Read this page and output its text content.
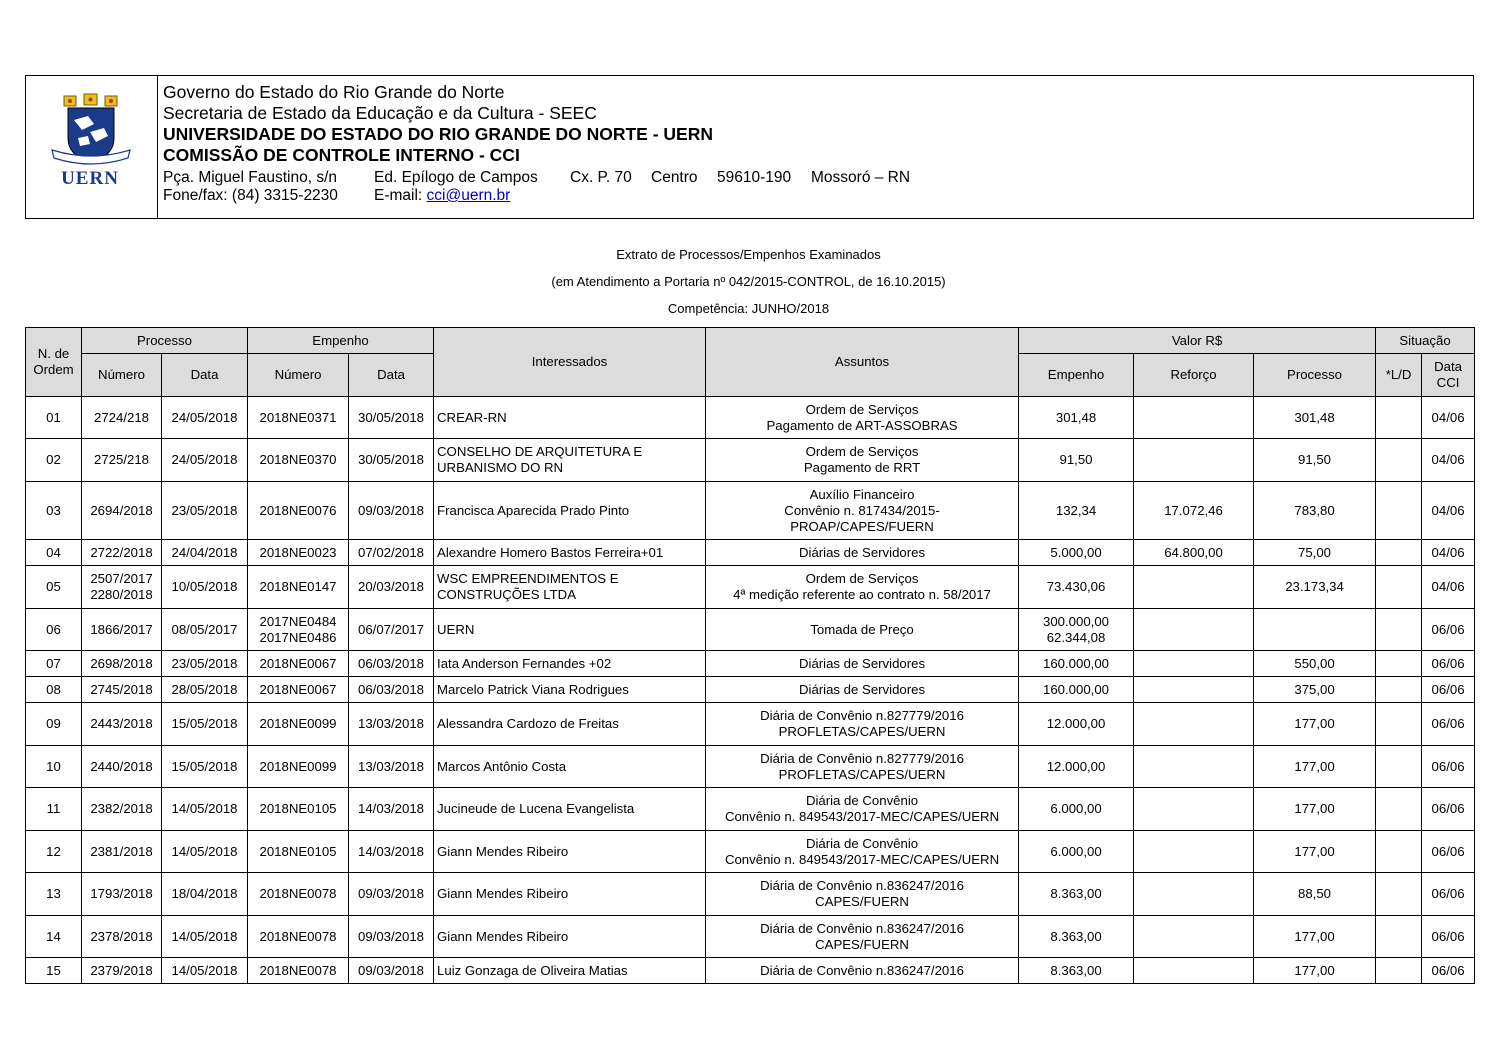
UERN
Governo do Estado do Rio Grande do Norte
Secretaria de Estado da Educação e da Cultura - SEEC
UNIVERSIDADE DO ESTADO DO RIO GRANDE DO NORTE - UERN
COMISSÃO DE CONTROLE INTERNO - CCI
Pça. Miguel Faustino, s/n Ed. Epílogo de Campos Cx. P. 70 Centro 59610-190 Mossoró – RN
Fone/fax: (84) 3315-2230 E-mail: cci@uern.br
Extrato de Processos/Empenhos Examinados
(em Atendimento a Portaria nº 042/2015-CONTROL, de 16.10.2015)
Competência: JUNHO/2018
N. de Ordem	Processo		Empenho		Interessados	Assuntos	Valor R$			Situação	
	Número	Data	Número	Data			Empenho	Reforço	Processo	*L/D	Data CCI
01	2724/218	24/05/2018	2018NE0371	30/05/2018	CREAR-RN	Ordem de Serviços
Pagamento de ART-ASSOBRAS	301,48		301,48		04/06
02	2725/218	24/05/2018	2018NE0370	30/05/2018	CONSELHO DE ARQUITETURA E
URBANISMO DO RN	Ordem de Serviços
Pagamento de RRT	91,50		91,50		04/06
03	2694/2018	23/05/2018	2018NE0076	09/03/2018	Francisca Aparecida Prado Pinto	Auxílio Financeiro
Convênio n. 817434/2015-
PROAP/CAPES/FUERN	132,34	17.072,46	783,80		04/06
04	2722/2018	24/04/2018	2018NE0023	07/02/2018	Alexandre Homero Bastos Ferreira+01	Diárias de Servidores	5.000,00	64.800,00	75,00		04/06
05	2507/2017
2280/2018	10/05/2018	2018NE0147	20/03/2018	WSC EMPREENDIMENTOS E
CONSTRUÇÕES LTDA	Ordem de Serviços
4ª medição referente ao contrato n. 58/2017	73.430,06		23.173,34		04/06
06	1866/2017	08/05/2017	2017NE0484
2017NE0486	06/07/2017	UERN	Tomada de Preço	300.000,00
62.344,08				06/06
07	2698/2018	23/05/2018	2018NE0067	06/03/2018	Iata Anderson Fernandes +02	Diárias de Servidores	160.000,00		550,00		06/06
08	2745/2018	28/05/2018	2018NE0067	06/03/2018	Marcelo Patrick Viana Rodrigues	Diárias de Servidores	160.000,00		375,00		06/06
09	2443/2018	15/05/2018	2018NE0099	13/03/2018	Alessandra Cardozo de Freitas	Diária de Convênio n.827779/2016
PROFLETAS/CAPES/UERN	12.000,00		177,00		06/06
10	2440/2018	15/05/2018	2018NE0099	13/03/2018	Marcos Antônio Costa	Diária de Convênio n.827779/2016
PROFLETAS/CAPES/UERN	12.000,00		177,00		06/06
11	2382/2018	14/05/2018	2018NE0105	14/03/2018	Jucineude de Lucena Evangelista	Diária de Convênio
Convênio n. 849543/2017-MEC/CAPES/UERN	6.000,00		177,00		06/06
12	2381/2018	14/05/2018	2018NE0105	14/03/2018	Giann Mendes Ribeiro	Diária de Convênio
Convênio n. 849543/2017-MEC/CAPES/UERN	6.000,00		177,00		06/06
13	1793/2018	18/04/2018	2018NE0078	09/03/2018	Giann Mendes Ribeiro	Diária de Convênio n.836247/2016
CAPES/FUERN	8.363,00		88,50		06/06
14	2378/2018	14/05/2018	2018NE0078	09/03/2018	Giann Mendes Ribeiro	Diária de Convênio n.836247/2016
CAPES/FUERN	8.363,00		177,00		06/06
15	2379/2018	14/05/2018	2018NE0078	09/03/2018	Luiz Gonzaga de Oliveira Matias	Diária de Convênio n.836247/2016	8.363,00		177,00		06/06
